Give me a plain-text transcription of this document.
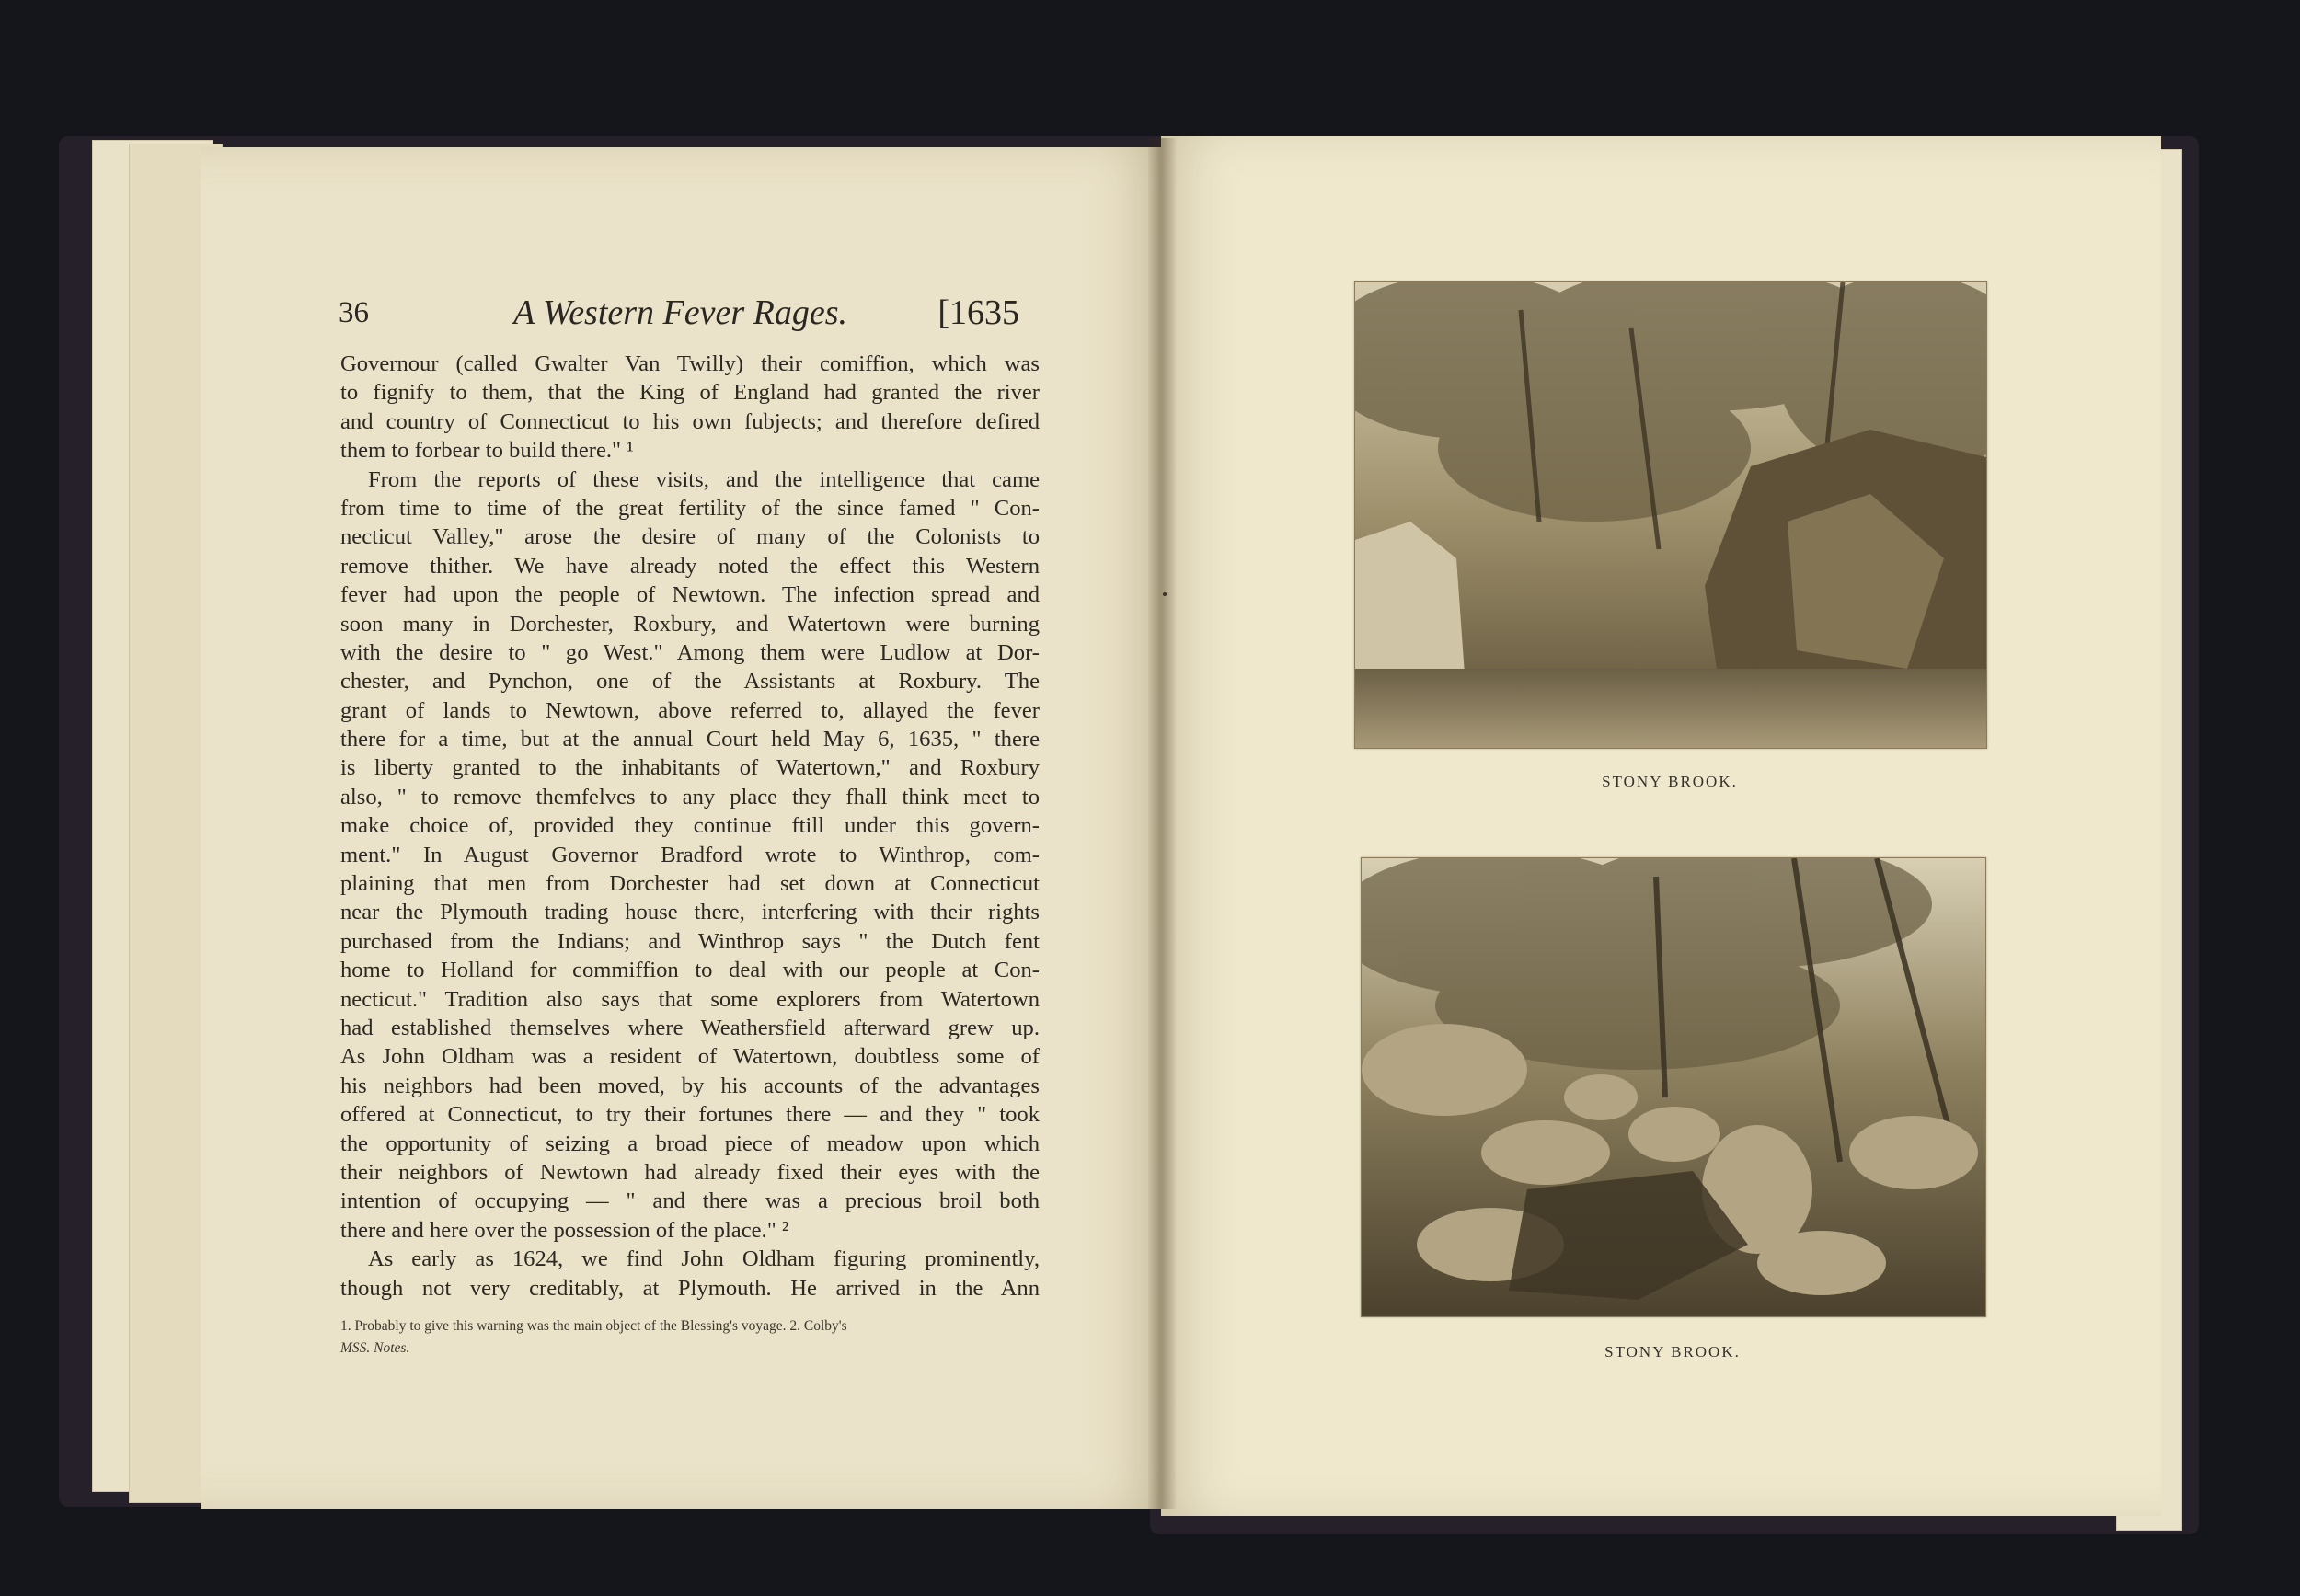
36	A Western Fever Rages.	[1635
Governour (called Gwalter Van Twilly) their comiffion, which was
to fignify to them, that the King of England had granted the river
and country of Connecticut to his own fubjects; and therefore defired
them to forbear to build there." ¹
From the reports of these visits, and the intelligence that came
from time to time of the great fertility of the since famed " Con-
necticut Valley," arose the desire of many of the Colonists to
remove thither. We have already noted the effect this Western
fever had upon the people of Newtown. The infection spread and
soon many in Dorchester, Roxbury, and Watertown were burning
with the desire to " go West." Among them were Ludlow at Dor-
chester, and Pynchon, one of the Assistants at Roxbury. The
grant of lands to Newtown, above referred to, allayed the fever
there for a time, but at the annual Court held May 6, 1635, " there
is liberty granted to the inhabitants of Watertown," and Roxbury
also, " to remove themfelves to any place they fhall think meet to
make choice of, provided they continue ftill under this govern-
ment." In August Governor Bradford wrote to Winthrop, com-
plaining that men from Dorchester had set down at Connecticut
near the Plymouth trading house there, interfering with their rights
purchased from the Indians; and Winthrop says " the Dutch fent
home to Holland for commiffion to deal with our people at Con-
necticut." Tradition also says that some explorers from Watertown
had established themselves where Weathersfield afterward grew up.
As John Oldham was a resident of Watertown, doubtless some of
his neighbors had been moved, by his accounts of the advantages
offered at Connecticut, to try their fortunes there — and they " took
the opportunity of seizing a broad piece of meadow upon which
their neighbors of Newtown had already fixed their eyes with the
intention of occupying — " and there was a precious broil both
there and here over the possession of the place." ²
As early as 1624, we find John Oldham figuring prominently,
though not very creditably, at Plymouth. He arrived in the Ann
1. Probably to give this warning was the main object of the Blessing's voyage. 2. Colby's
MSS. Notes.
STONY BROOK.
STONY BROOK.
